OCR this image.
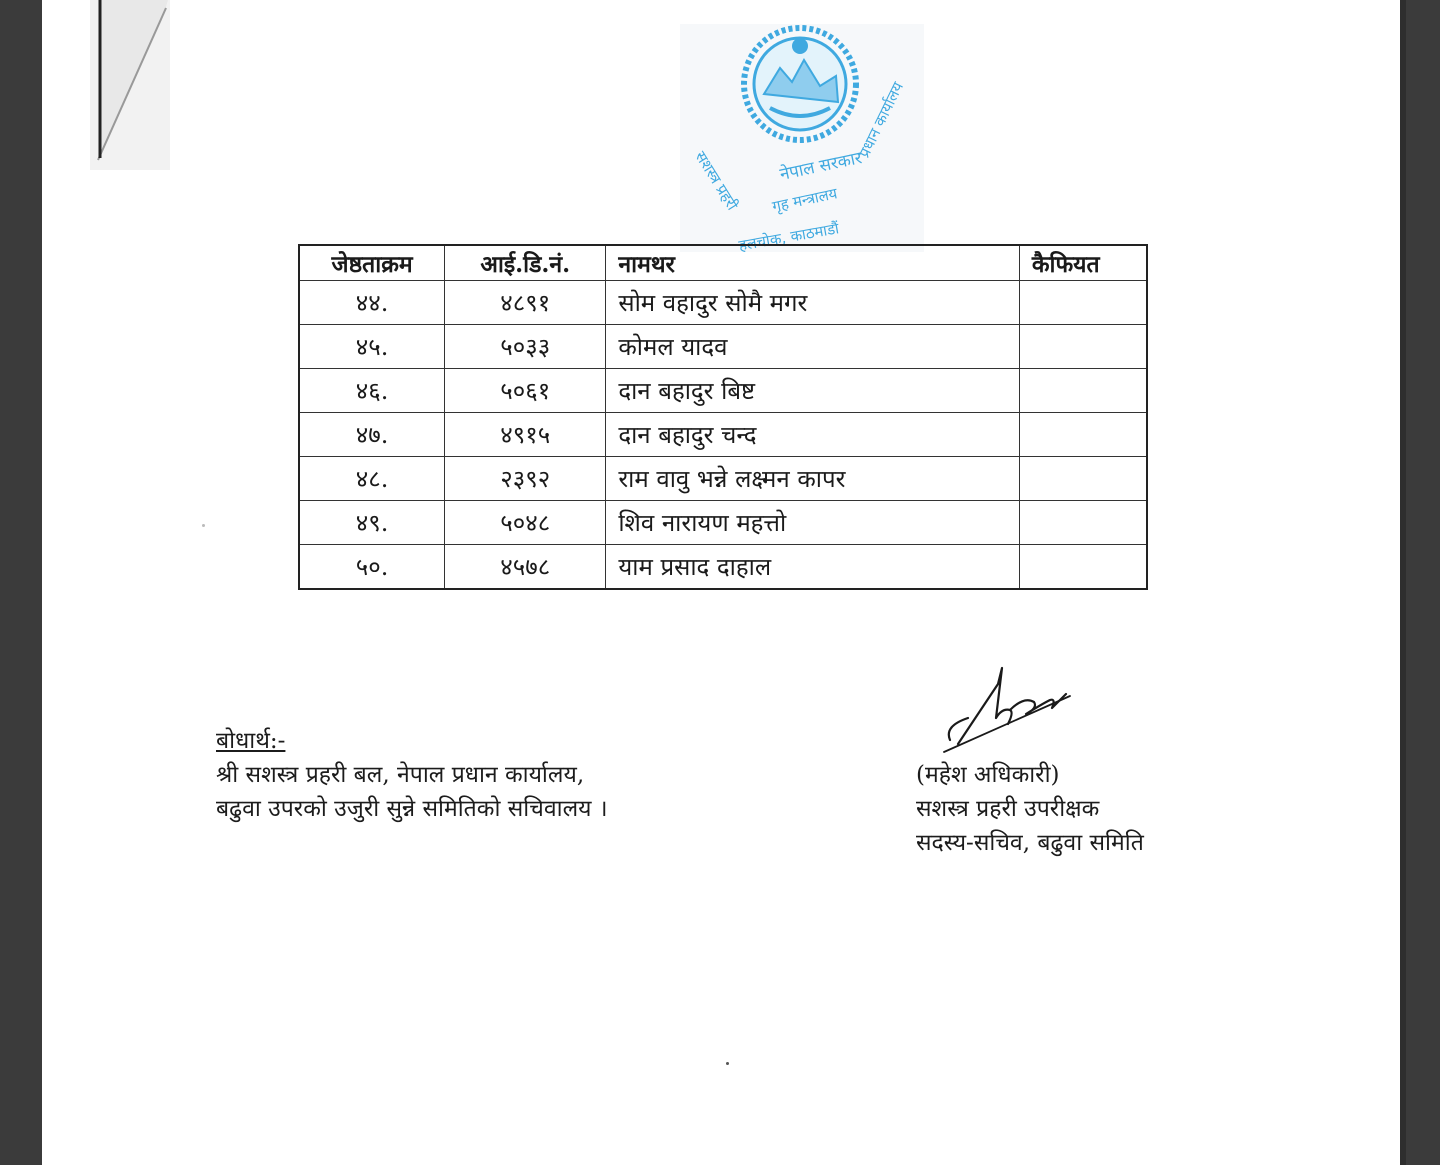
नेपाल सरकार
गृह मन्त्रालय
सशस्त्र प्रहरी
प्रधान कार्यालय
हलचोक, काठमाडौं
जेष्ठताक्रम	आई.डि.नं.	नामथर	कैफियत
४४.	४८९१	सोम वहादुर सोमै मगर	
४५.	५०३३	कोमल यादव	
४६.	५०६१	दान बहादुर बिष्ट	
४७.	४९१५	दान बहादुर चन्द	
४८.	२३९२	राम वावु भन्ने लक्ष्मन कापर	
४९.	५०४८	शिव नारायण महत्तो	
५०.	४५७८	याम प्रसाद दाहाल	
बोधार्थ:-
श्री सशस्त्र प्रहरी बल, नेपाल प्रधान कार्यालय,
बढुवा उपरको उजुरी सुन्ने समितिको सचिवालय ।
(महेश अधिकारी)
सशस्त्र प्रहरी उपरीक्षक
सदस्य-सचिव, बढुवा समिति
